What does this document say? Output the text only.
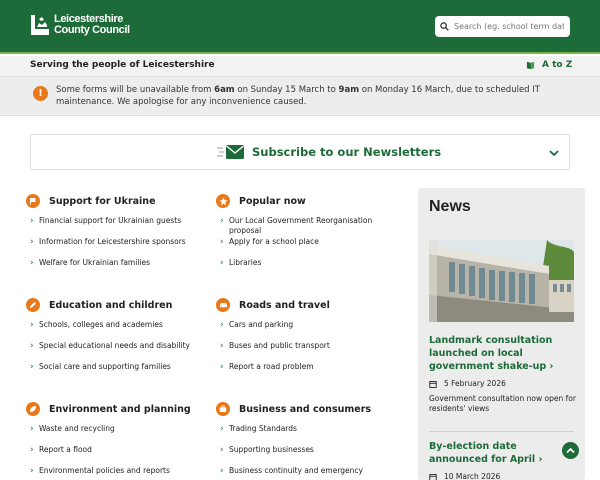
Leicestershire
County Council
Search (eg. school term dates)
Serving the people of Leicestershire	A to Z
!	Some forms will be unavailable from 6am on Sunday 15 March to 9am on Monday 16 March, due to scheduled IT maintenance. We apologise for any inconvenience caused.
Subscribe to our Newsletters
Support for Ukraine
› Financial support for Ukrainian guests
› Information for Leicestershire sponsors
› Welfare for Ukrainian families
Popular now
› Our Local Government Reorganisation proposal
› Apply for a school place
› Libraries
Education and children
› Schools, colleges and academies
› Special educational needs and disability
› Social care and supporting families
Roads and travel
› Cars and parking
› Buses and public transport
› Report a road problem
Environment and planning
› Waste and recycling
› Report a flood
› Environmental policies and reports
Business and consumers
› Trading Standards
› Supporting businesses
› Business continuity and emergency
News
Landmark consultation launched on local government shake-up ›
5 February 2026
Government consultation now open for residents' views
By-election date announced for April ›
10 March 2026
